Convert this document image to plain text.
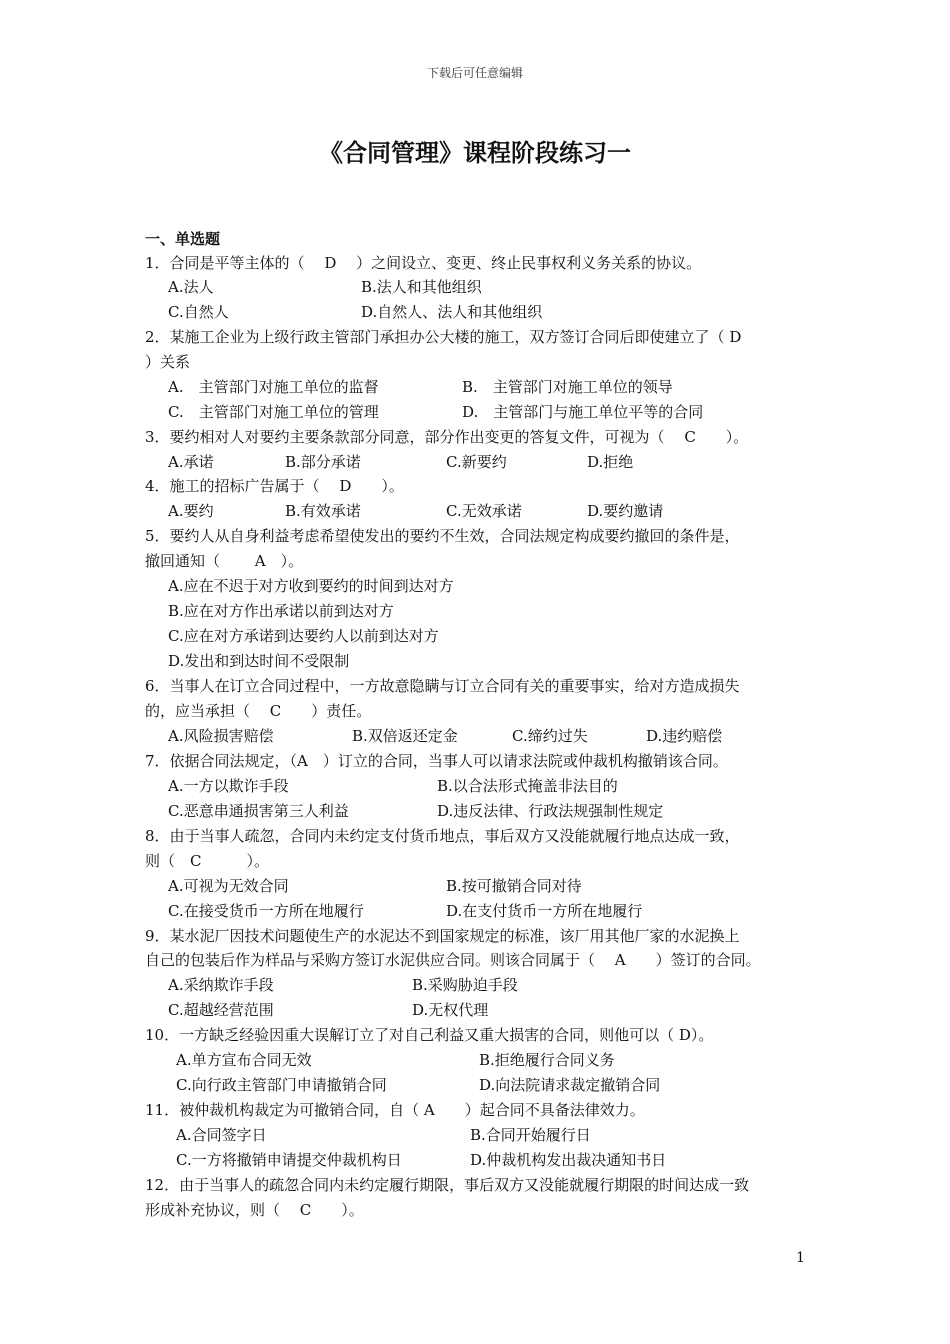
下载后可任意编辑
《合同管理》课程阶段练习一
一、单选题
1．合同是平等主体的（　 D　 ）之间设立、变更、终止民事权利义务关系的协议。
A.法人	B.法人和其他组织
C.自然人	D.自然人、法人和其他组织
2．某施工企业为上级行政主管部门承担办公大楼的施工，双方签订合同后即使建立了（ D
）关系
A.　主管部门对施工单位的监督	B.　主管部门对施工单位的领导
C.　主管部门对施工单位的管理	D.　主管部门与施工单位平等的合同
3．要约相对人对要约主要条款部分同意，部分作出变更的答复文件，可视为（　 C　　）。
A.承诺	B.部分承诺	C.新要约	D.拒绝
4．施工的招标广告属于（　 D　　）。
A.要约	B.有效承诺	C.无效承诺	D.要约邀请
5．要约人从自身利益考虑希望使发出的要约不生效，合同法规定构成要约撤回的条件是，
撤回通知（　　 A　）。
A.应在不迟于对方收到要约的时间到达对方
B.应在对方作出承诺以前到达对方
C.应在对方承诺到达要约人以前到达对方
D.发出和到达时间不受限制
6．当事人在订立合同过程中，一方故意隐瞒与订立合同有关的重要事实，给对方造成损失
的，应当承担（　 C　　）责任。
A.风险损害赔偿	B.双倍返还定金	C.缔约过失	D.违约赔偿
7．依据合同法规定，（A　）订立的合同，当事人可以请求法院或仲裁机构撤销该合同。
A.一方以欺诈手段	B.以合法形式掩盖非法目的
C.恶意串通损害第三人利益	D.违反法律、行政法规强制性规定
8．由于当事人疏忽，合同内未约定支付货币地点，事后双方又没能就履行地点达成一致，
则（　C　　　）。
A.可视为无效合同	B.按可撤销合同对待
C.在接受货币一方所在地履行	D.在支付货币一方所在地履行
9．某水泥厂因技术问题使生产的水泥达不到国家规定的标准，该厂用其他厂家的水泥换上
自己的包装后作为样品与采购方签订水泥供应合同。则该合同属于（　 A　　）签订的合同。
A.采纳欺诈手段	B.采购胁迫手段
C.超越经营范围	D.无权代理
10．一方缺乏经验因重大误解订立了对自己利益又重大损害的合同，则他可以（ D）。
A.单方宣布合同无效	B.拒绝履行合同义务
C.向行政主管部门申请撤销合同	D.向法院请求裁定撤销合同
11．被仲裁机构裁定为可撤销合同，自（ A　　）起合同不具备法律效力。
A.合同签字日	B.合同开始履行日
C.一方将撤销申请提交仲裁机构日	D.仲裁机构发出裁决通知书日
12．由于当事人的疏忽合同内未约定履行期限，事后双方又没能就履行期限的时间达成一致
形成补充协议，则（　 C　　）。
1
